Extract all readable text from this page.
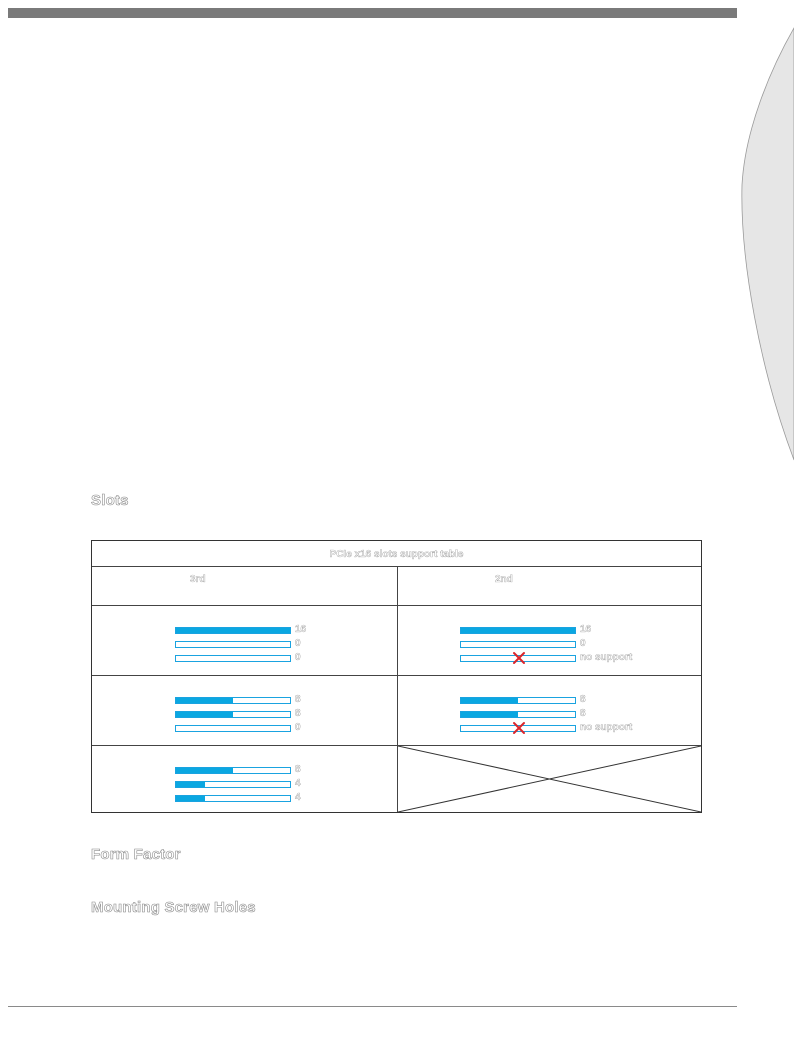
Slots
PCIe x16 slots support table
3rd	2nd
16
0
0
16
0
no support
8
8
0
8
8
no support
8
4
4
Form Factor
Mounting Screw Holes
